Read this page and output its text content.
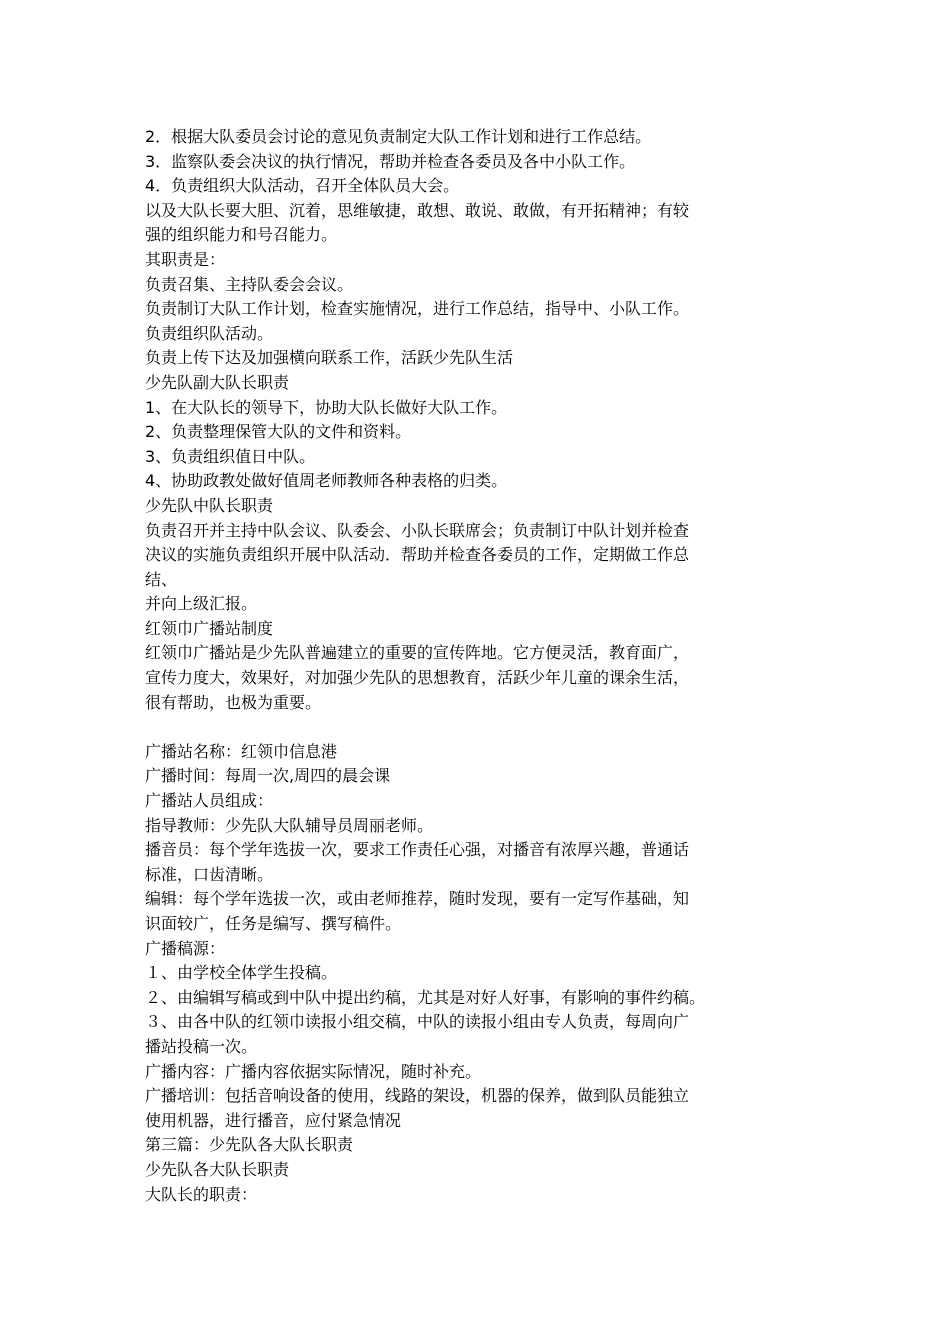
2．根据大队委员会讨论的意见负责制定大队工作计划和进行工作总结。
3．监察队委会决议的执行情况，帮助并检查各委员及各中小队工作。
4．负责组织大队活动，召开全体队员大会。
以及大队长要大胆、沉着，思维敏捷，敢想、敢说、敢做，有开拓精神；有较
强的组织能力和号召能力。
其职责是：
负责召集、主持队委会会议。
负责制订大队工作计划，检查实施情况，进行工作总结，指导中、小队工作。
负责组织队活动。
负责上传下达及加强横向联系工作，活跃少先队生活
少先队副大队长职责
1、在大队长的领导下，协助大队长做好大队工作。
2、负责整理保管大队的文件和资料。
3、负责组织值日中队。
4、协助政教处做好值周老师教师各种表格的归类。
少先队中队长职责
负责召开并主持中队会议、队委会、小队长联席会；负责制订中队计划并检查
决议的实施负责组织开展中队活动．帮助并检查各委员的工作，定期做工作总
结、
并向上级汇报。
红领巾广播站制度
红领巾广播站是少先队普遍建立的重要的宣传阵地。它方便灵活，教育面广，
宣传力度大，效果好，对加强少先队的思想教育，活跃少年儿童的课余生活，
很有帮助，也极为重要。
广播站名称：红领巾信息港
广播时间：每周一次,周四的晨会课
广播站人员组成：
指导教师：少先队大队辅导员周丽老师。
播音员：每个学年选拔一次，要求工作责任心强，对播音有浓厚兴趣，普通话
标准，口齿清晰。
编辑：每个学年选拔一次，或由老师推荐，随时发现，要有一定写作基础，知
识面较广，任务是编写、撰写稿件。
广播稿源：
１、由学校全体学生投稿。
２、由编辑写稿或到中队中提出约稿，尤其是对好人好事，有影响的事件约稿。
３、由各中队的红领巾读报小组交稿，中队的读报小组由专人负责，每周向广
播站投稿一次。
广播内容：广播内容依据实际情况，随时补充。
广播培训：包括音响设备的使用，线路的架设，机器的保养，做到队员能独立
使用机器，进行播音，应付紧急情况
第三篇：少先队各大队长职责
少先队各大队长职责
大队长的职责：
